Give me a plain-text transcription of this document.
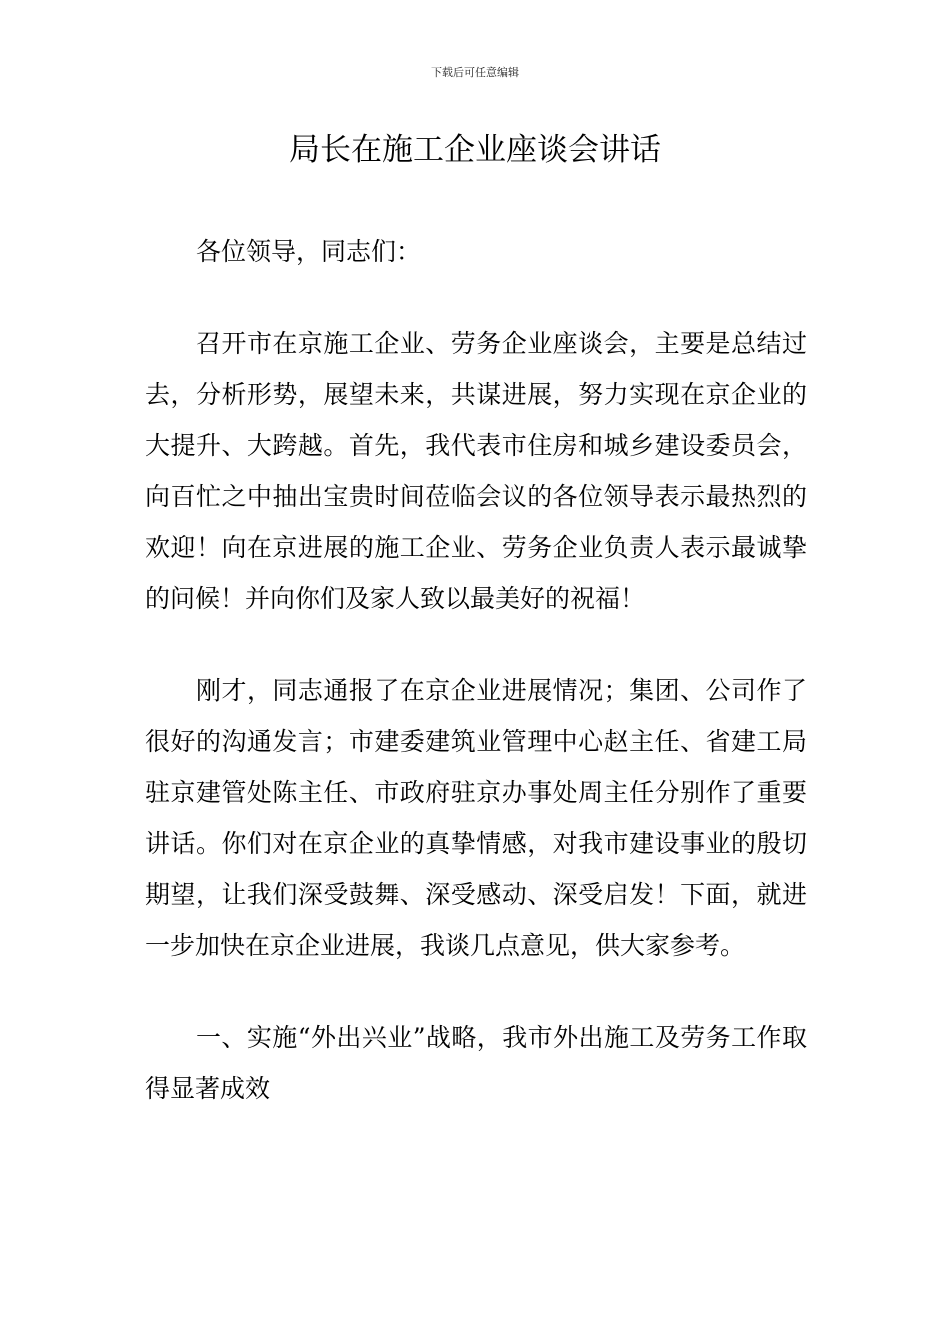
下载后可任意编辑
局长在施工企业座谈会讲话

各位领导，同志们：

召开市在京施工企业、劳务企业座谈会，主要是总结过去，分析形势，展望未来，共谋进展，努力实现在京企业的大提升、大跨越。首先，我代表市住房和城乡建设委员会，向百忙之中抽出宝贵时间莅临会议的各位领导表示最热烈的欢迎！向在京进展的施工企业、劳务企业负责人表示最诚挚的问候！并向你们及家人致以最美好的祝福！

刚才，同志通报了在京企业进展情况；集团、公司作了很好的沟通发言；市建委建筑业管理中心赵主任、省建工局驻京建管处陈主任、市政府驻京办事处周主任分别作了重要讲话。你们对在京企业的真挚情感，对我市建设事业的殷切期望，让我们深受鼓舞、深受感动、深受启发！下面，就进一步加快在京企业进展，我谈几点意见，供大家参考。

一、实施“外出兴业”战略，我市外出施工及劳务工作取得显著成效
